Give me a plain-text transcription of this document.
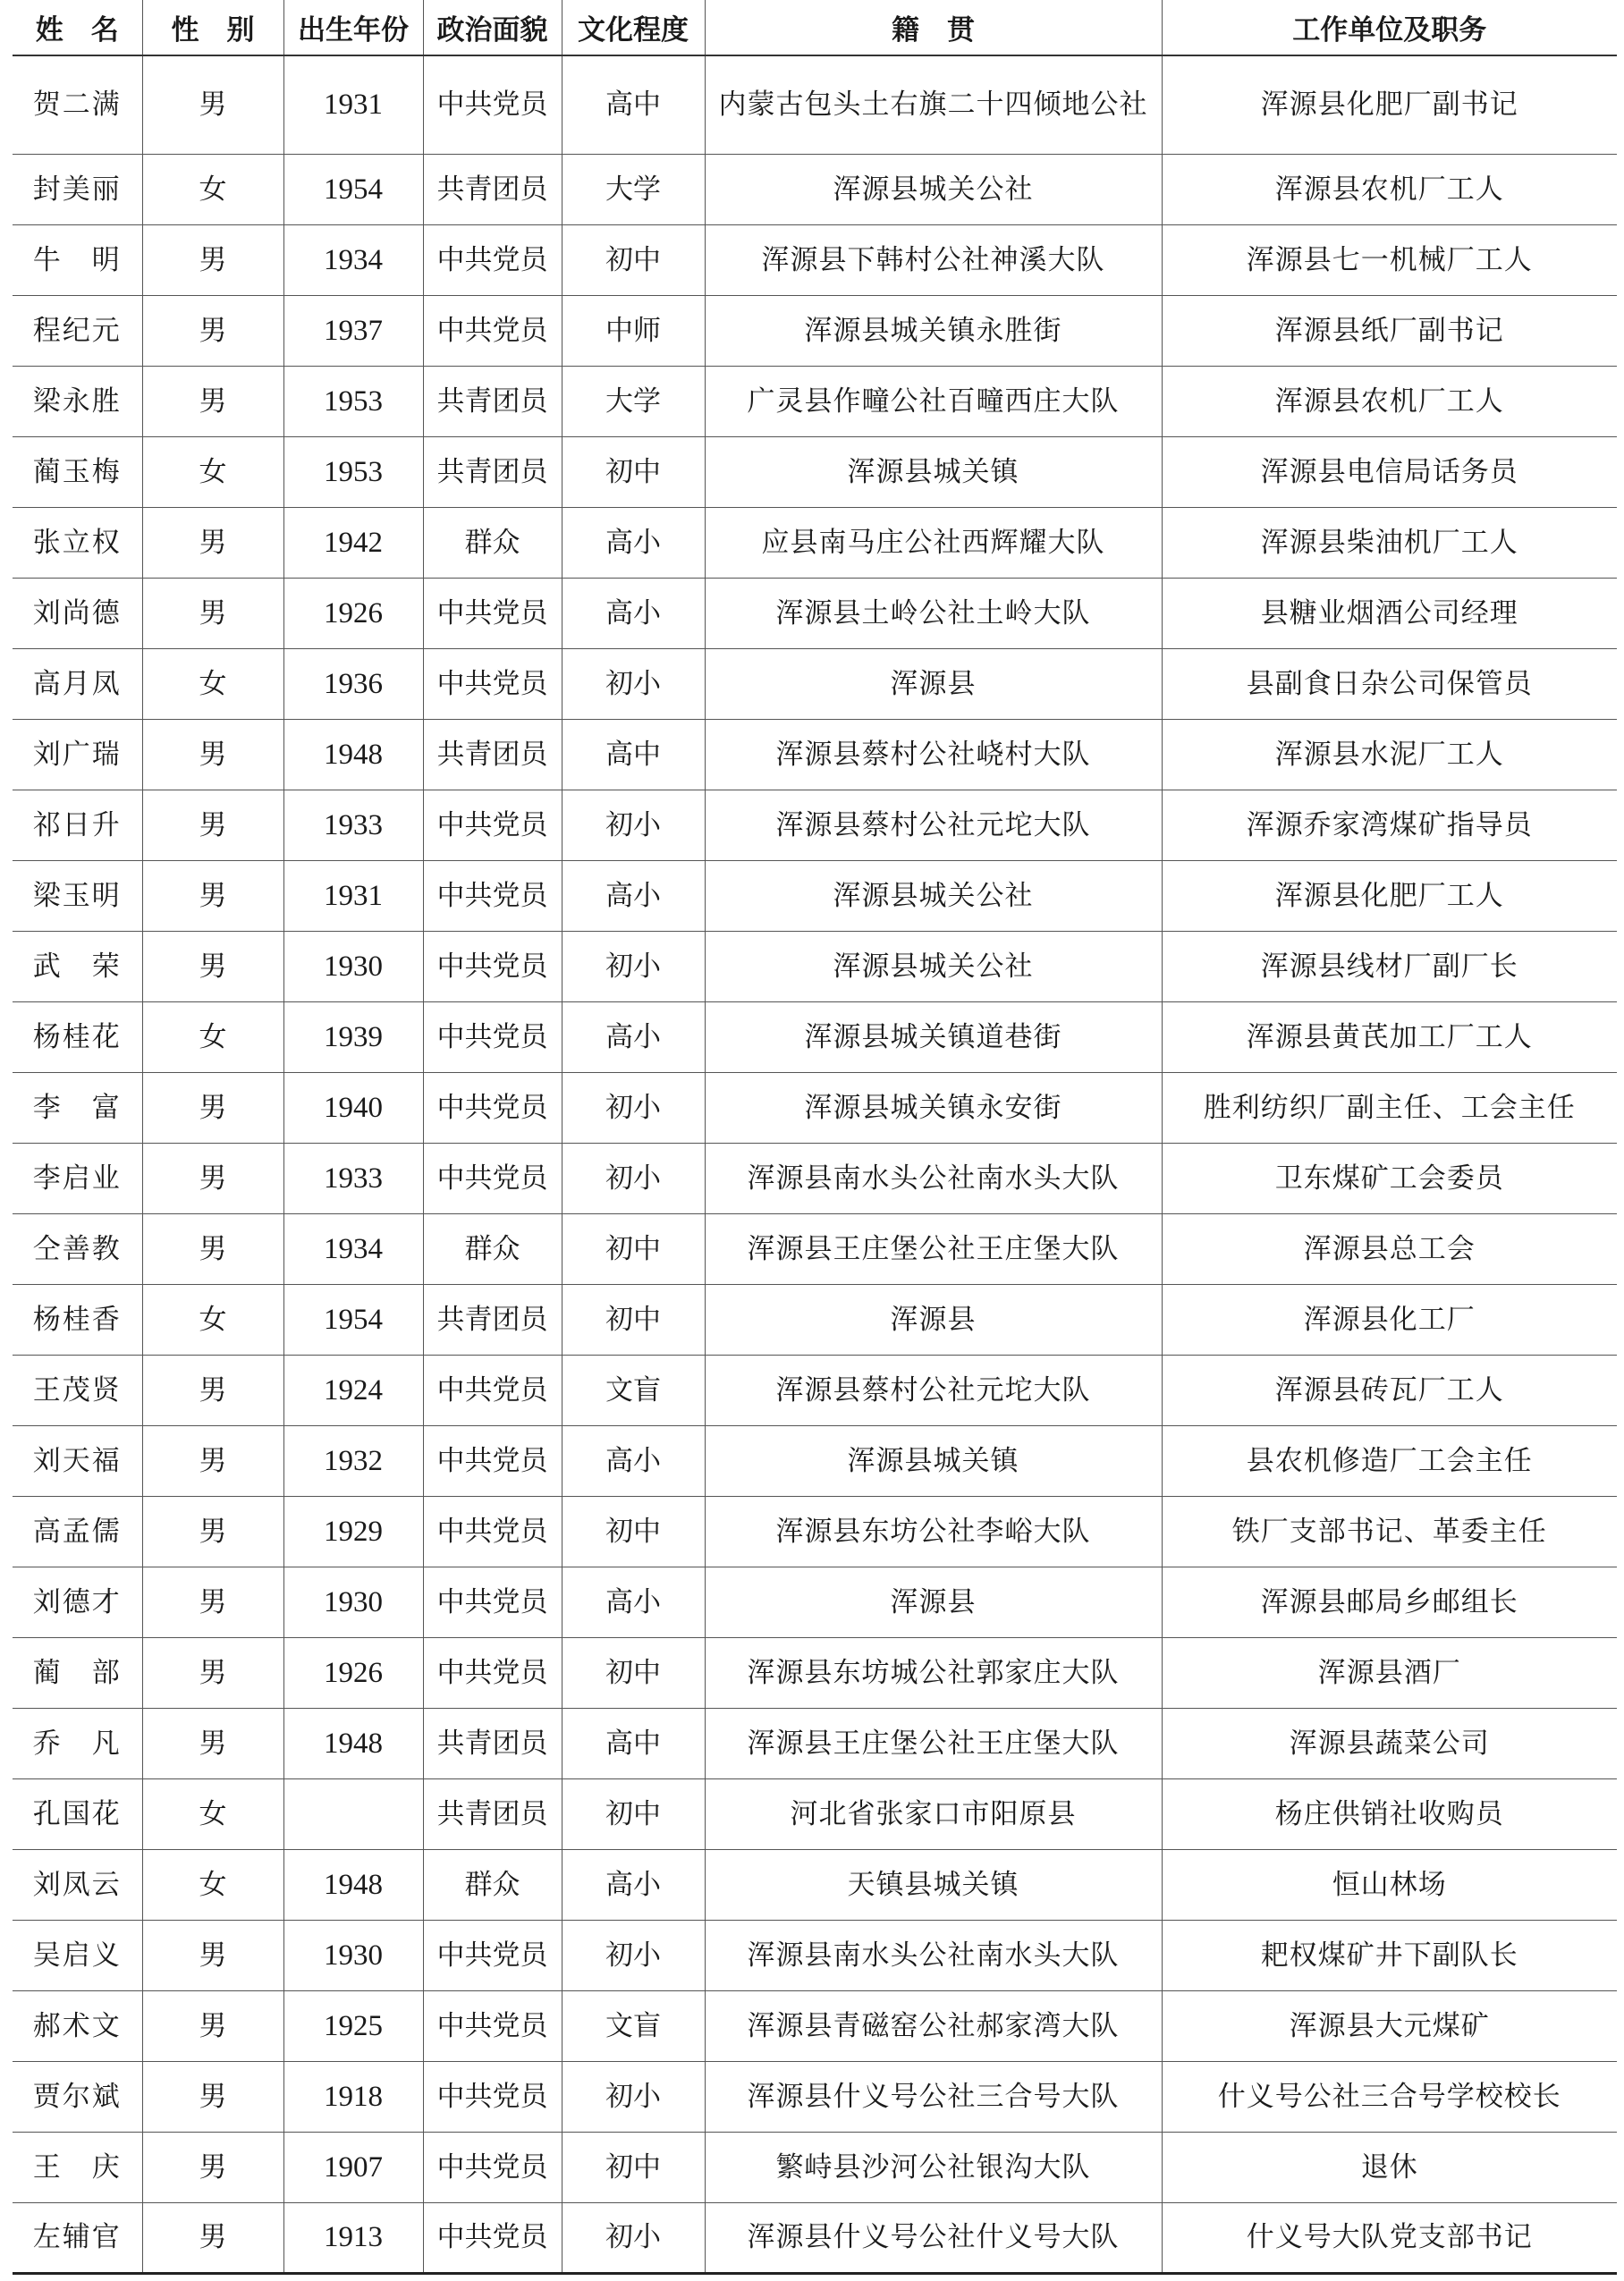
姓　名	性　别	出生年份	政治面貌	文化程度	籍　贯	工作单位及职务
贺二满	男	1931	中共党员	高中	内蒙古包头土右旗二十四倾地公社	浑源县化肥厂副书记
封美丽	女	1954	共青团员	大学	浑源县城关公社	浑源县农机厂工人
牛　明	男	1934	中共党员	初中	浑源县下韩村公社神溪大队	浑源县七一机械厂工人
程纪元	男	1937	中共党员	中师	浑源县城关镇永胜街	浑源县纸厂副书记
梁永胜	男	1953	共青团员	大学	广灵县作疃公社百疃西庄大队	浑源县农机厂工人
蔺玉梅	女	1953	共青团员	初中	浑源县城关镇	浑源县电信局话务员
张立权	男	1942	群众	高小	应县南马庄公社西辉耀大队	浑源县柴油机厂工人
刘尚德	男	1926	中共党员	高小	浑源县土岭公社土岭大队	县糖业烟酒公司经理
高月凤	女	1936	中共党员	初小	浑源县	县副食日杂公司保管员
刘广瑞	男	1948	共青团员	高中	浑源县蔡村公社峣村大队	浑源县水泥厂工人
祁日升	男	1933	中共党员	初小	浑源县蔡村公社元坨大队	浑源乔家湾煤矿指导员
梁玉明	男	1931	中共党员	高小	浑源县城关公社	浑源县化肥厂工人
武　荣	男	1930	中共党员	初小	浑源县城关公社	浑源县线材厂副厂长
杨桂花	女	1939	中共党员	高小	浑源县城关镇道巷街	浑源县黄芪加工厂工人
李　富	男	1940	中共党员	初小	浑源县城关镇永安街	胜利纺织厂副主任、工会主任
李启业	男	1933	中共党员	初小	浑源县南水头公社南水头大队	卫东煤矿工会委员
仝善教	男	1934	群众	初中	浑源县王庄堡公社王庄堡大队	浑源县总工会
杨桂香	女	1954	共青团员	初中	浑源县	浑源县化工厂
王茂贤	男	1924	中共党员	文盲	浑源县蔡村公社元坨大队	浑源县砖瓦厂工人
刘天福	男	1932	中共党员	高小	浑源县城关镇	县农机修造厂工会主任
高孟儒	男	1929	中共党员	初中	浑源县东坊公社李峪大队	铁厂支部书记、革委主任
刘德才	男	1930	中共党员	高小	浑源县	浑源县邮局乡邮组长
蔺　部	男	1926	中共党员	初中	浑源县东坊城公社郭家庄大队	浑源县酒厂
乔　凡	男	1948	共青团员	高中	浑源县王庄堡公社王庄堡大队	浑源县蔬菜公司
孔国花	女		共青团员	初中	河北省张家口市阳原县	杨庄供销社收购员
刘凤云	女	1948	群众	高小	天镇县城关镇	恒山林场
吴启义	男	1930	中共党员	初小	浑源县南水头公社南水头大队	耙权煤矿井下副队长
郝术文	男	1925	中共党员	文盲	浑源县青磁窑公社郝家湾大队	浑源县大元煤矿
贾尔斌	男	1918	中共党员	初小	浑源县什义号公社三合号大队	什义号公社三合号学校校长
王　庆	男	1907	中共党员	初中	繁峙县沙河公社银沟大队	退休
左辅官	男	1913	中共党员	初小	浑源县什义号公社什义号大队	什义号大队党支部书记
